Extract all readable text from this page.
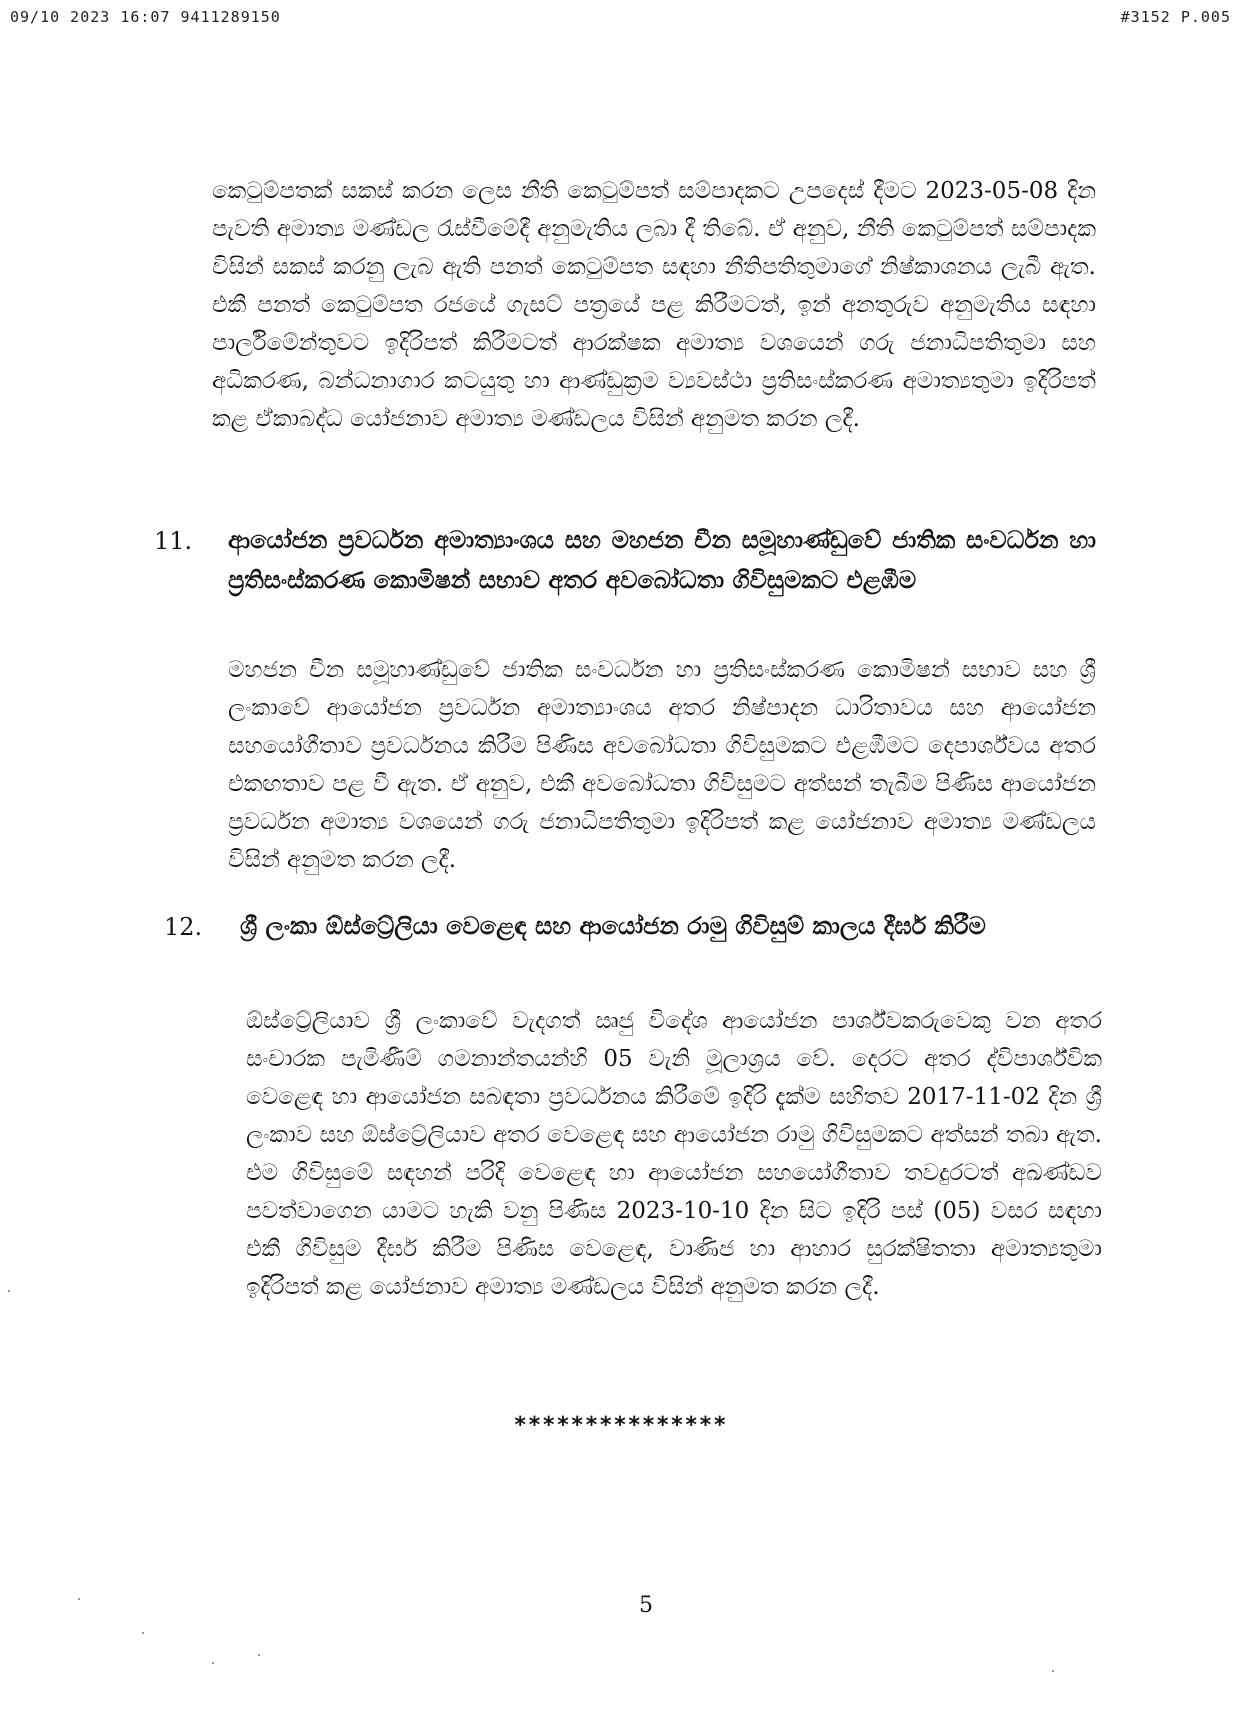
09/10 2023 16:07 9411289150	#3152 P.005

කෙටුම්පතක් සකස් කරන ලෙස නීති කෙටුම්පත් සම්පාදකට උපදෙස් දීමට 2023-05-08 දින පැවති අමාත්‍ය මණ්ඩල රැස්වීමේදී අනුමැතිය ලබා දී තිබේ. ඒ අනුව, නීති කෙටුම්පත් සම්පාදක විසින් සකස් කරනු ලැබ ඇති පනත් කෙටුම්පත සඳහා නීතිපතිතුමාගේ නිෂ්කාශනය ලැබී ඇත. එකී පනත් කෙටුම්පත රජයේ ගැසට් පත්‍රයේ පළ කිරීමටත්, ඉන් අනතුරුව අනුමැතිය සඳහා පාර්ලිමේන්තුවට ඉදිරිපත් කිරීමටත් ආරක්ෂක අමාත්‍ය වශයෙන් ගරු ජනාධිපතිතුමා සහ අධිකරණ, බන්ධනාගාර කටයුතු හා ආණ්ඩුක්‍රම ව්‍යවස්ථා ප්‍රතිසංස්කරණ අමාත්‍යතුමා ඉදිරිපත් කළ ඒකාබද්ධ යෝජනාව අමාත්‍ය මණ්ඩලය විසින් අනුමත කරන ලදී.

11. ආයෝජන ප්‍රවර්ධන අමාත්‍යාංශය සහ මහජන චීන සමූහාණ්ඩුවේ ජාතික සංවර්ධන හා ප්‍රතිසංස්කරණ කොමිෂන් සභාව අතර අවබෝධතා ගිවිසුමකට එළඹීම

මහජන චීන සමූහාණ්ඩුවේ ජාතික සංවර්ධන හා ප්‍රතිසංස්කරණ කොමිෂන් සභාව සහ ශ්‍රී ලංකාවේ ආයෝජන ප්‍රවර්ධන අමාත්‍යාංශය අතර නිෂ්පාදන ධාරිතාවය සහ ආයෝජන සහයෝගීතාව ප්‍රවර්ධනය කිරීම පිණිස අවබෝධතා ගිවිසුමකට එළඹීමට දෙපාර්ශ්වය අතර එකඟතාව පළ වී ඇත. ඒ අනුව, එකී අවබෝධතා ගිවිසුමට අත්සන් තැබීම පිණිස ආයෝජන ප්‍රවර්ධන අමාත්‍ය වශයෙන් ගරු ජනාධිපතිතුමා ඉදිරිපත් කළ යෝජනාව අමාත්‍ය මණ්ඩලය විසින් අනුමත කරන ලදී.

12. ශ්‍රී ලංකා ඕස්ට්‍රේලියා වෙළෙඳ සහ ආයෝජන රාමු ගිවිසුම් කාලය දීර්ඝ කිරීම

ඕස්ට්‍රේලියාව ශ්‍රී ලංකාවේ වැදගත් ඍජු විදේශ ආයෝජන පාර්ශ්වකරුවෙකු වන අතර සංචාරක පැමිණීම් ගමනාන්තයන්හි 05 වැනි මූලාශ්‍රය වේ. දෙරට අතර ද්විපාර්ශ්වික වෙළෙඳ හා ආයෝජන සබඳතා ප්‍රවර්ධනය කිරීමේ ඉදිරි දැක්ම සහිතව 2017-11-02 දින ශ්‍රී ලංකාව සහ ඕස්ට්‍රේලියාව අතර වෙළෙඳ සහ ආයෝජන රාමු ගිවිසුමකට අත්සන් තබා ඇත. එම ගිවිසුමේ සඳහන් පරිදි වෙළෙඳ හා ආයෝජන සහයෝගීතාව තවදුරටත් අඛණ්ඩව පවත්වාගෙන යාමට හැකි වනු පිණිස 2023-10-10 දින සිට ඉදිරි පස් (05) වසර සඳහා එකී ගිවිසුම දීර්ඝ කිරීම පිණිස වෙළෙඳ, වාණිජ හා ආහාර සුරක්ෂිතතා අමාත්‍යතුමා ඉදිරිපත් කළ යෝජනාව අමාත්‍ය මණ්ඩලය විසින් අනුමත කරන ලදී.

***************
5
